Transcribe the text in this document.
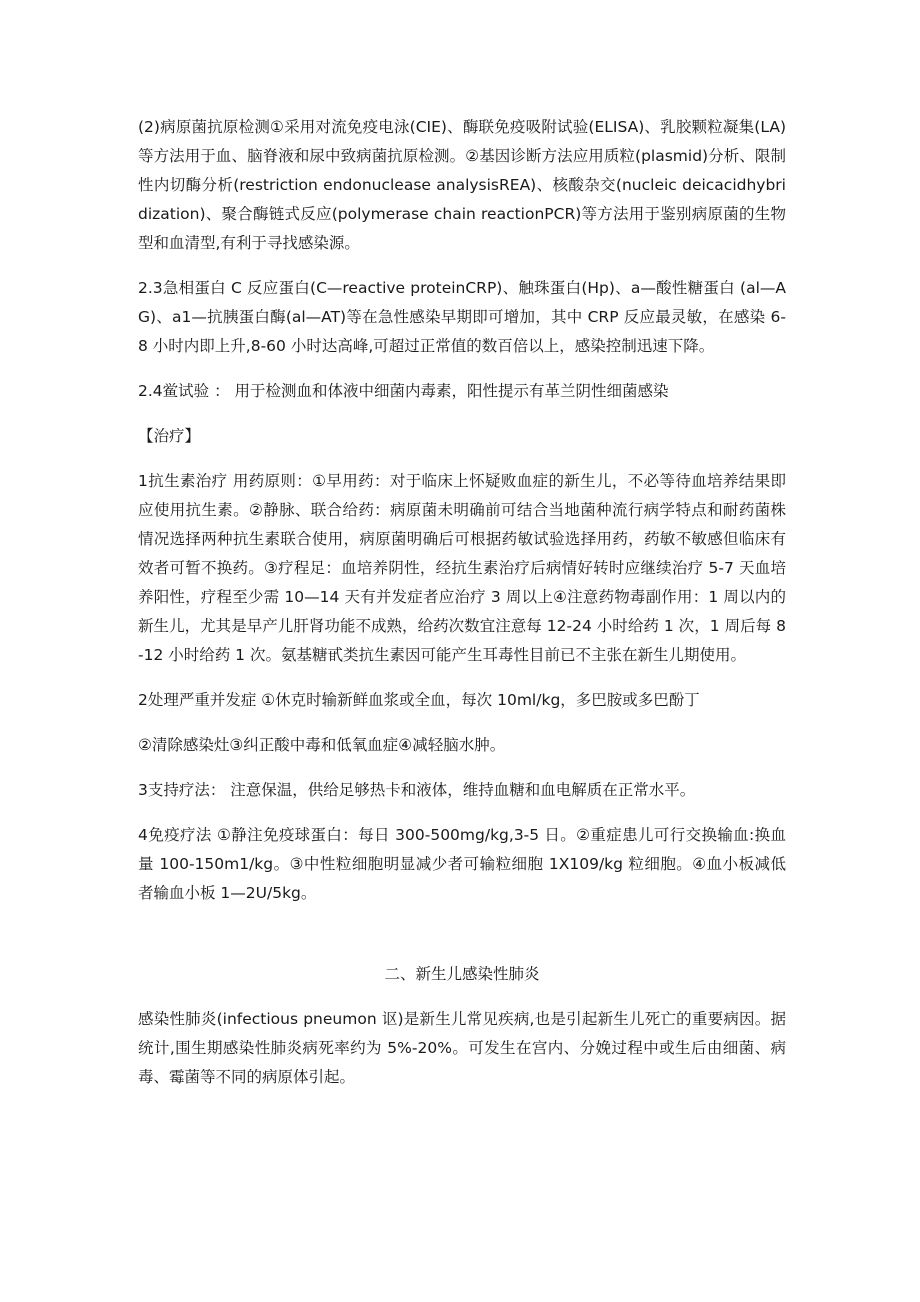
(2)病原菌抗原检测①采用对流免疫电泳(CIE)、酶联免疫吸附试验(ELISA)、乳胶颗粒凝集(LA)等方法用于血、脑脊液和尿中致病菌抗原检测。②基因诊断方法应用质粒(plasmid)分析、限制性内切酶分析(restriction endonuclease analysisREA)、核酸杂交(nucleic deicacidhybridization)、聚合酶链式反应(polymerase chain reactionPCR)等方法用于鉴别病原菌的生物型和血清型,有利于寻找感染源。

2.3急相蛋白 C 反应蛋白(C—reactive proteinCRP)、触珠蛋白(Hp)、a—酸性糖蛋白 (al—AG)、a1—抗胰蛋白酶(al—AT)等在急性感染早期即可增加，其中 CRP 反应最灵敏，在感染 6-8 小时内即上升,8-60 小时达高峰,可超过正常值的数百倍以上，感染控制迅速下降。

2.4鲎试验 ： 用于检测血和体液中细菌内毒素，阳性提示有革兰阴性细菌感染

【治疗】

1抗生素治疗 用药原则：①早用药：对于临床上怀疑败血症的新生儿，不必等待血培养结果即应使用抗生素。②静脉、联合给药：病原菌未明确前可结合当地菌种流行病学特点和耐药菌株情况选择两种抗生素联合使用，病原菌明确后可根据药敏试验选择用药，药敏不敏感但临床有效者可暂不换药。③疗程足：血培养阴性，经抗生素治疗后病情好转时应继续治疗 5-7 天血培养阳性，疗程至少需 10—14 天有并发症者应治疗 3 周以上④注意药物毒副作用：1 周以内的新生儿，尤其是早产儿肝肾功能不成熟，给药次数宜注意每 12-24 小时给药 1 次，1 周后每 8-12 小时给药 1 次。氨基糖甙类抗生素因可能产生耳毒性目前已不主张在新生儿期使用。

2处理严重并发症 ①休克时输新鲜血浆或全血，每次 10ml/kg，多巴胺或多巴酚丁

②清除感染灶③纠正酸中毒和低氧血症④减轻脑水肿。

3支持疗法： 注意保温，供给足够热卡和液体，维持血糖和血电解质在正常水平。

4免疫疗法 ①静注免疫球蛋白：每日 300-500mg/kg,3-5 日。②重症患儿可行交换输血:换血量 100-150m1/kg。③中性粒细胞明显减少者可输粒细胞 1X109/kg 粒细胞。④血小板减低者输血小板 1—2U/5kg。

二、新生儿感染性肺炎

感染性肺炎(infectious pneumon 讴)是新生儿常见疾病,也是引起新生儿死亡的重要病因。据统计,围生期感染性肺炎病死率约为 5%-20%。可发生在宫内、分娩过程中或生后由细菌、病毒、霉菌等不同的病原体引起。
